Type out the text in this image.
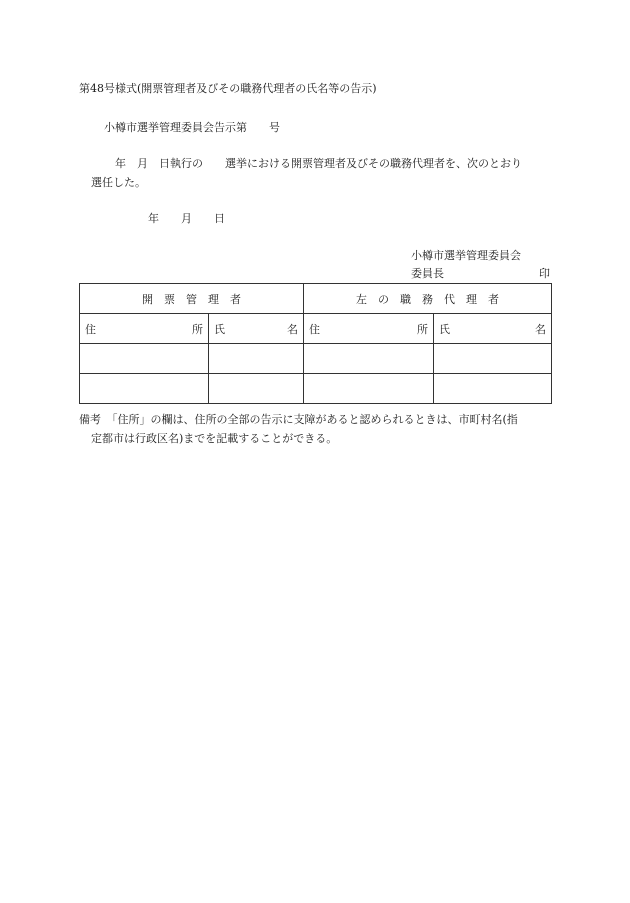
第48号様式(開票管理者及びその職務代理者の氏名等の告示)
小樽市選挙管理委員会告示第　　号
年　月　日執行の　　選挙における開票管理者及びその職務代理者を、次のとおり
選任した。
年　　月　　日
小樽市選挙管理委員会
委員長	印
開　票　管　理　者		左　の　職　務　代　理　者	

住 所	氏 名	住 所	氏 名

備考　「住所」の欄は、住所の全部の告示に支障があると認められるときは、市町村名(指
定都市は行政区名)までを記載することができる。
